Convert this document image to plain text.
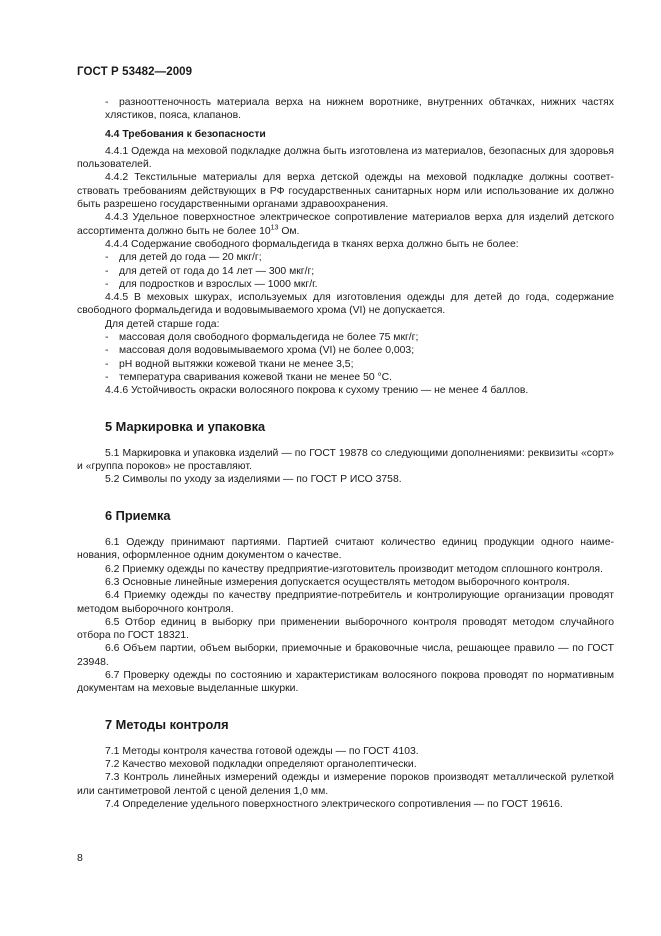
ГОСТ Р 53482—2009

- разнооттеночность материала верха на нижнем воротнике, внутренних обтачках, нижних частях хлястиков, пояса, клапанов.

4.4 Требования к безопасности

4.4.1 Одежда на меховой подкладке должна быть изготовлена из материалов, безопасных для здоровья пользователей.

4.4.2 Текстильные материалы для верха детской одежды на меховой подкладке должны соответствовать требованиям действующих в РФ государственных санитарных норм или использование их должно быть разрешено государственными органами здравоохранения.

4.4.3 Удельное поверхностное электрическое сопротивление материалов верха для изделий детского ассортимента должно быть не более $10^{13}$ Ом.

4.4.4 Содержание свободного формальдегида в тканях верха должно быть не более:

- для детей до года — 20 мкг/г;

- для детей от года до 14 лет — 300 мкг/г;

- для подростков и взрослых — 1000 мкг/г.

4.4.5 В меховых шкурах, используемых для изготовления одежды для детей до года, содержание свободного формальдегида и водовымываемого хрома (VI) не допускается.

Для детей старше года:

- массовая доля свободного формальдегида не более 75 мкг/г;

- массовая доля водовымываемого хрома (VI) не более 0,003;

- рН водной вытяжки кожевой ткани не менее 3,5;

- температура сваривания кожевой ткани не менее 50 °С.

4.4.6 Устойчивость окраски волосяного покрова к сухому трению — не менее 4 баллов.

5 Маркировка и упаковка

5.1 Маркировка и упаковка изделий — по ГОСТ 19878 со следующими дополнениями: реквизиты «сорт» и «группа пороков» не проставляют.

5.2 Символы по уходу за изделиями — по ГОСТ Р ИСО 3758.

6 Приемка

6.1 Одежду принимают партиями. Партией считают количество единиц продукции одного наименования, оформленное одним документом о качестве.

6.2 Приемку одежды по качеству предприятие-изготовитель производит методом сплошного контроля.

6.3 Основные линейные измерения допускается осуществлять методом выборочного контроля.

6.4 Приемку одежды по качеству предприятие-потребитель и контролирующие организации проводят методом выборочного контроля.

6.5 Отбор единиц в выборку при применении выборочного контроля проводят методом случайного отбора по ГОСТ 18321.

6.6 Объем партии, объем выборки, приемочные и браковочные числа, решающее правило — по ГОСТ 23948.

6.7 Проверку одежды по состоянию и характеристикам волосяного покрова проводят по нормативным документам на меховые выделанные шкурки.

7 Методы контроля

7.1 Методы контроля качества готовой одежды — по ГОСТ 4103.

7.2 Качество меховой подкладки определяют органолептически.

7.3 Контроль линейных измерений одежды и измерение пороков производят металлической рулеткой или сантиметровой лентой с ценой деления 1,0 мм.

7.4 Определение удельного поверхностного электрического сопротивления — по ГОСТ 19616.

8
